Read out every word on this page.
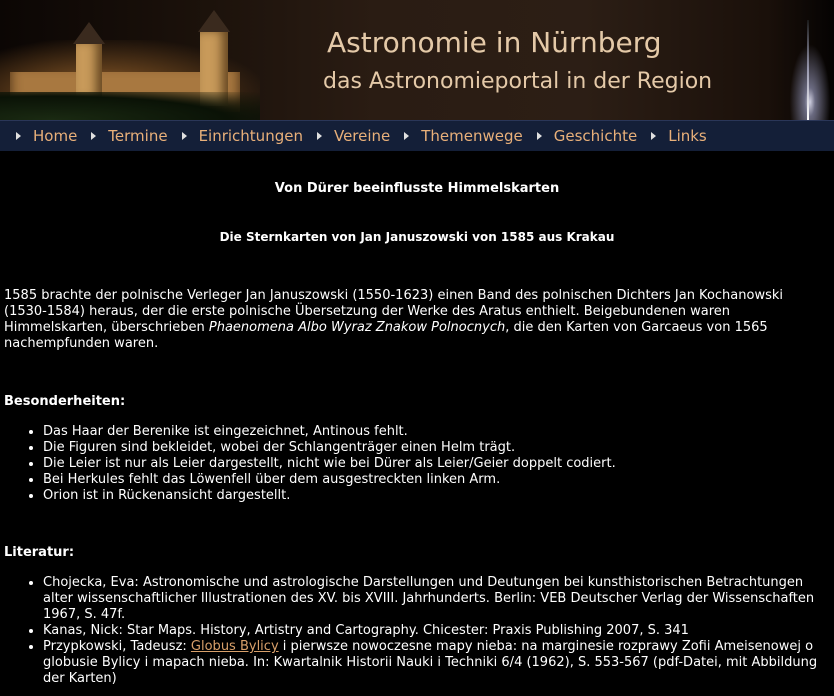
Astronomie in Nürnberg
das Astronomieportal in der Region
Home Termine Einrichtungen Vereine Themenwege Geschichte Links
Von Dürer beeinflusste Himmelskarten
Die Sternkarten von Jan Januszowski von 1585 aus Krakau

1585 brachte der polnische Verleger Jan Januszowski (1550-1623) einen Band des polnischen Dichters Jan Kochanowski (1530-1584) heraus, der die erste polnische Übersetzung der Werke des Aratus enthielt. Beigebundenen waren Himmelskarten, überschrieben Phaenomena Albo Wyraz Znakow Polnocnych, die den Karten von Garcaeus von 1565 nachempfunden waren.

Besonderheiten:

• Das Haar der Berenike ist eingezeichnet, Antinous fehlt.
• Die Figuren sind bekleidet, wobei der Schlangenträger einen Helm trägt.
• Die Leier ist nur als Leier dargestellt, nicht wie bei Dürer als Leier/Geier doppelt codiert.
• Bei Herkules fehlt das Löwenfell über dem ausgestreckten linken Arm.
• Orion ist in Rückenansicht dargestellt.

Literatur:

• Chojecka, Eva: Astronomische und astrologische Darstellungen und Deutungen bei kunsthistorischen Betrachtungen alter wissenschaftlicher Illustrationen des XV. bis XVIII. Jahrhunderts. Berlin: VEB Deutscher Verlag der Wissenschaften 1967, S. 47f.
• Kanas, Nick: Star Maps. History, Artistry and Cartography. Chicester: Praxis Publishing 2007, S. 341
• Przypkowski, Tadeusz: Globus Bylicy i pierwsze nowoczesne mapy nieba: na marginesie rozprawy Zofii Ameisenowej o globusie Bylicy i mapach nieba. In: Kwartalnik Historii Nauki i Techniki 6/4 (1962), S. 553-567 (pdf-Datei, mit Abbildung der Karten)
